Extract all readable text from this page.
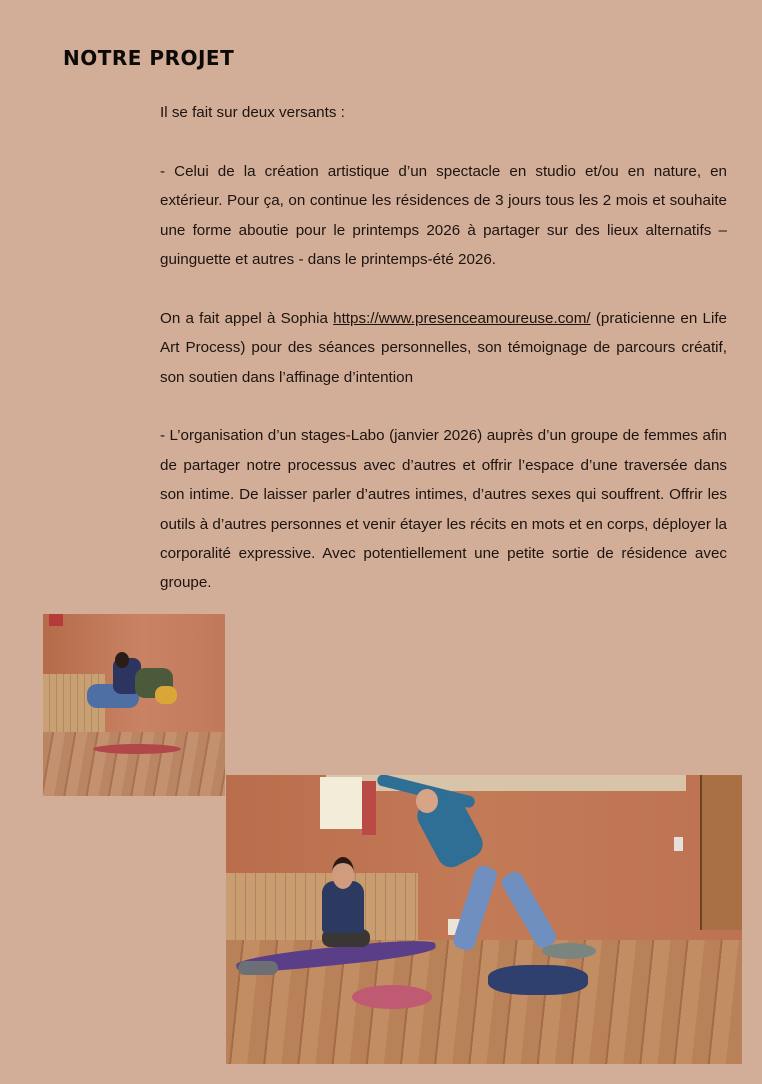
NOTRE PROJET

Il se fait sur deux versants :

- Celui de la création artistique d’un spectacle en studio et/ou en nature, en extérieur. Pour ça, on continue les résidences de 3 jours tous les 2 mois et souhaite une forme aboutie pour le printemps 2026 à partager sur des lieux alternatifs – guinguette et autres - dans le printemps-été 2026.

On a fait appel à Sophia https://www.presenceamoureuse.com/ (praticienne en Life Art Process) pour des séances personnelles, son témoignage de parcours créatif, son soutien dans l’affinage d’intention

- L’organisation d’un stages-Labo (janvier 2026) auprès d’un groupe de femmes afin de partager notre processus avec d’autres et offrir l’espace d’une traversée dans son intime. De laisser parler d’autres intimes, d’autres sexes qui souffrent. Offrir les outils à d’autres personnes et venir étayer les récits en mots et en corps, déployer la corporalité expressive. Avec potentiellement une petite sortie de résidence avec groupe.
